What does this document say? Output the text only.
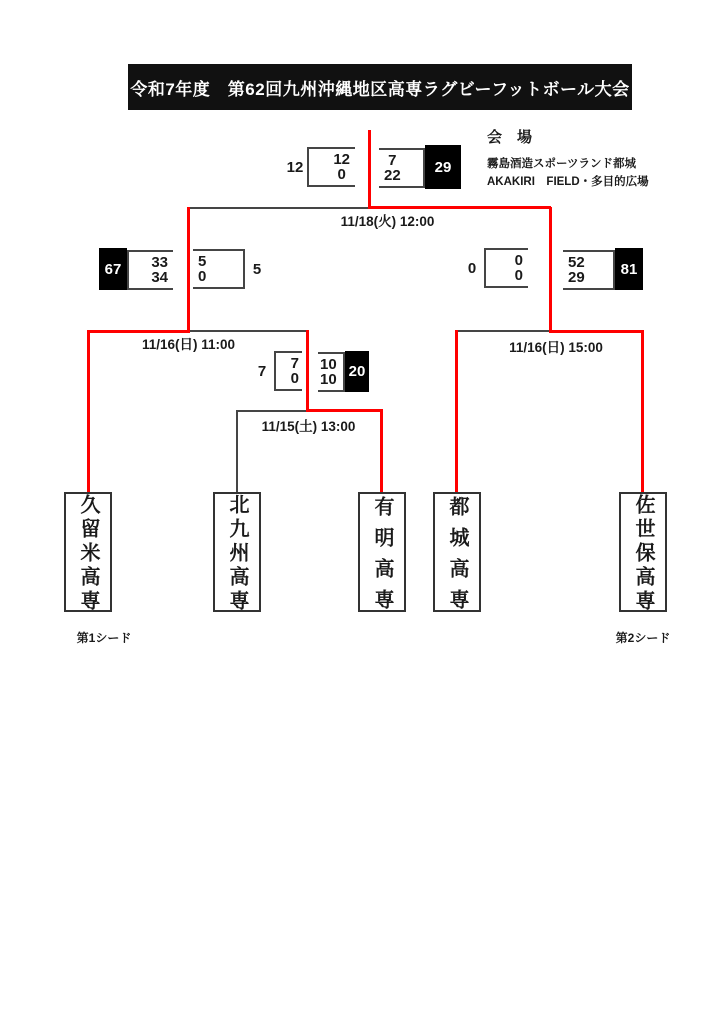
令和7年度　第62回九州沖縄地区高専ラグビーフットボール大会
会　場
霧島酒造スポーツランド都城
AKAKIRI　FIELD・多目的広場
12 12
0
7
22	29
11/18(火) 12:00
67	33
34
5
0	5
11/16(日) 11:00
0	0
0
52
29	81
11/16(日) 15:00
7	7
0
10
10 20
11/15(土) 13:00
久留米高専	北九州高専	有明高専	都城高専	佐世保高専
第1シード	第2シード
